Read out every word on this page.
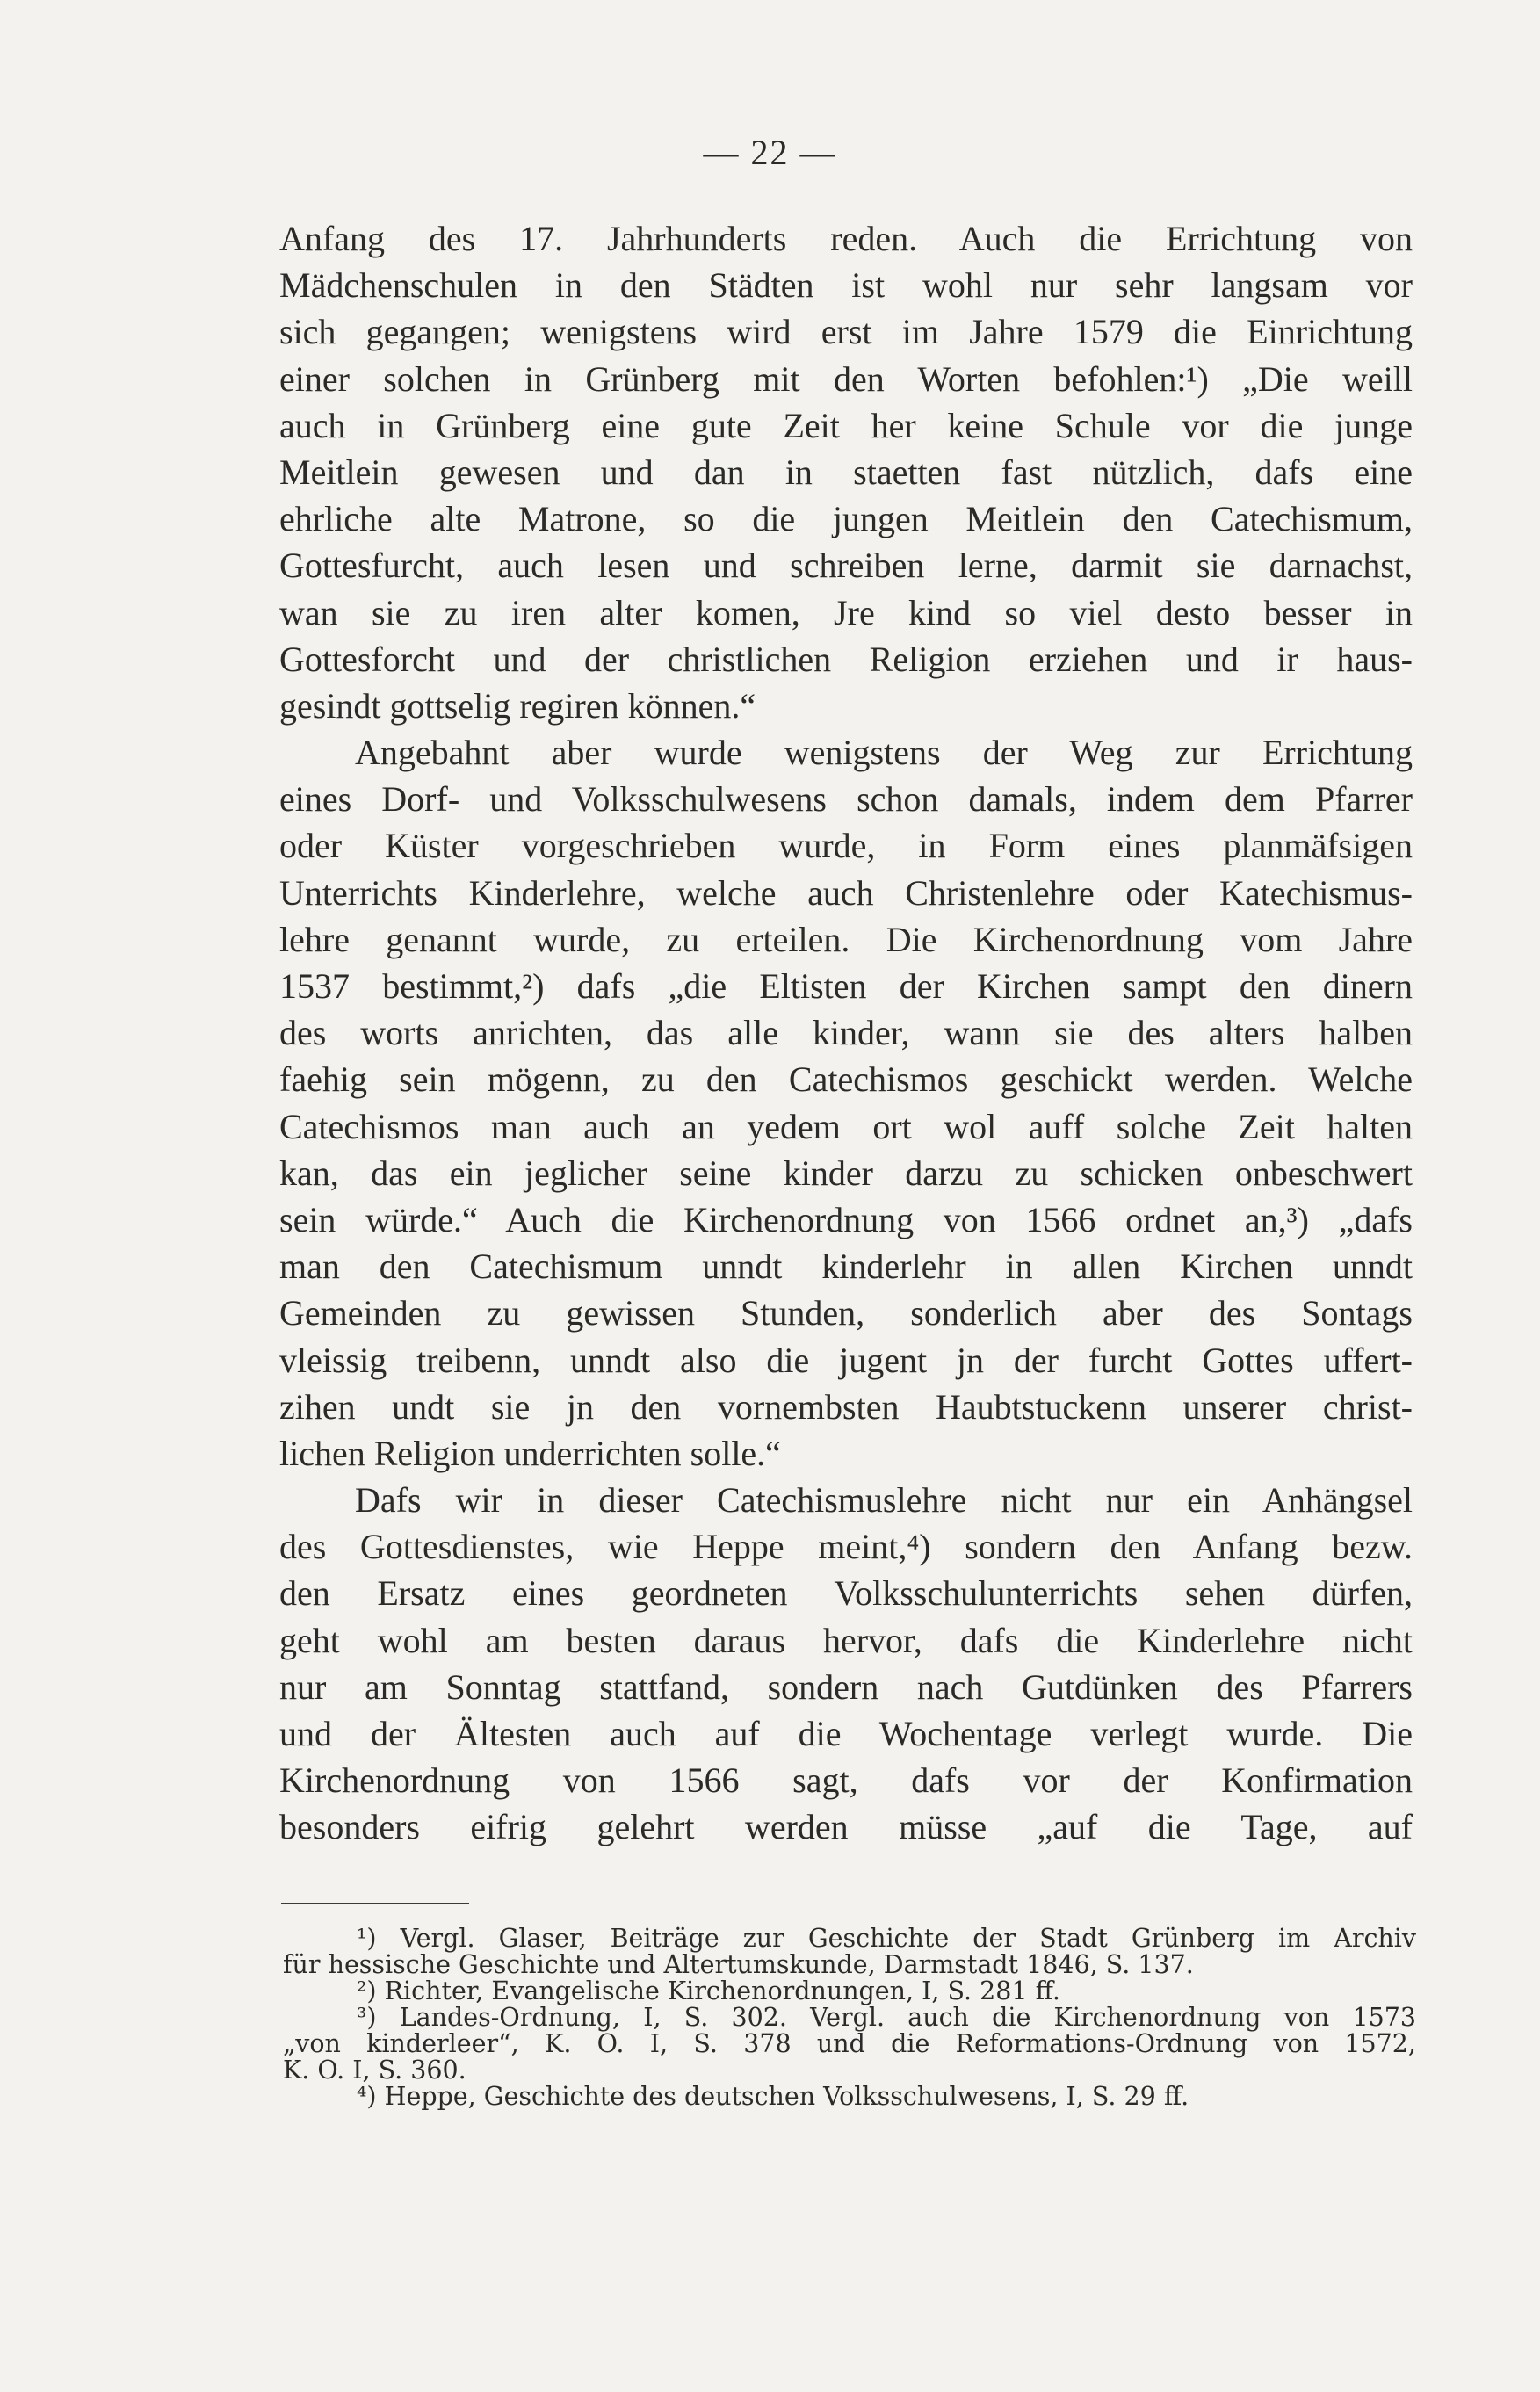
— 22 —
Anfang des 17. Jahrhunderts reden. Auch die Errichtung von
Mädchenschulen in den Städten ist wohl nur sehr langsam vor
sich gegangen; wenigstens wird erst im Jahre 1579 die Einrichtung
einer solchen in Grünberg mit den Worten befohlen:¹) „Die weill
auch in Grünberg eine gute Zeit her keine Schule vor die junge
Meitlein gewesen und dan in staetten fast nützlich, dafs eine
ehrliche alte Matrone, so die jungen Meitlein den Catechismum,
Gottesfurcht, auch lesen und schreiben lerne, darmit sie darnachst,
wan sie zu iren alter komen, Jre kind so viel desto besser in
Gottesforcht und der christlichen Religion erziehen und ir haus-
gesindt gottselig regiren können.“
Angebahnt aber wurde wenigstens der Weg zur Errichtung
eines Dorf- und Volksschulwesens schon damals, indem dem Pfarrer
oder Küster vorgeschrieben wurde, in Form eines planmäfsigen
Unterrichts Kinderlehre, welche auch Christenlehre oder Katechismus-
lehre genannt wurde, zu erteilen. Die Kirchenordnung vom Jahre
1537 bestimmt,²) dafs „die Eltisten der Kirchen sampt den dinern
des worts anrichten, das alle kinder, wann sie des alters halben
faehig sein mögenn, zu den Catechismos geschickt werden. Welche
Catechismos man auch an yedem ort wol auff solche Zeit halten
kan, das ein jeglicher seine kinder darzu zu schicken onbeschwert
sein würde.“ Auch die Kirchenordnung von 1566 ordnet an,³) „dafs
man den Catechismum unndt kinderlehr in allen Kirchen unndt
Gemeinden zu gewissen Stunden, sonderlich aber des Sontags
vleissig treibenn, unndt also die jugent jn der furcht Gottes uffert-
zihen undt sie jn den vornembsten Haubtstuckenn unserer christ-
lichen Religion underrichten solle.“
Dafs wir in dieser Catechismuslehre nicht nur ein Anhängsel
des Gottesdienstes, wie Heppe meint,⁴) sondern den Anfang bezw.
den Ersatz eines geordneten Volksschulunterrichts sehen dürfen,
geht wohl am besten daraus hervor, dafs die Kinderlehre nicht
nur am Sonntag stattfand, sondern nach Gutdünken des Pfarrers
und der Ältesten auch auf die Wochentage verlegt wurde. Die
Kirchenordnung von 1566 sagt, dafs vor der Konfirmation
besonders eifrig gelehrt werden müsse „auf die Tage, auf
¹) Vergl. Glaser, Beiträge zur Geschichte der Stadt Grünberg im Archiv
für hessische Geschichte und Altertumskunde, Darmstadt 1846, S. 137.
²) Richter, Evangelische Kirchenordnungen, I, S. 281 ff.
³) Landes-Ordnung, I, S. 302. Vergl. auch die Kirchenordnung von 1573
„von kinderleer“, K. O. I, S. 378 und die Reformations-Ordnung von 1572,
K. O. I, S. 360.
⁴) Heppe, Geschichte des deutschen Volksschulwesens, I, S. 29 ff.
